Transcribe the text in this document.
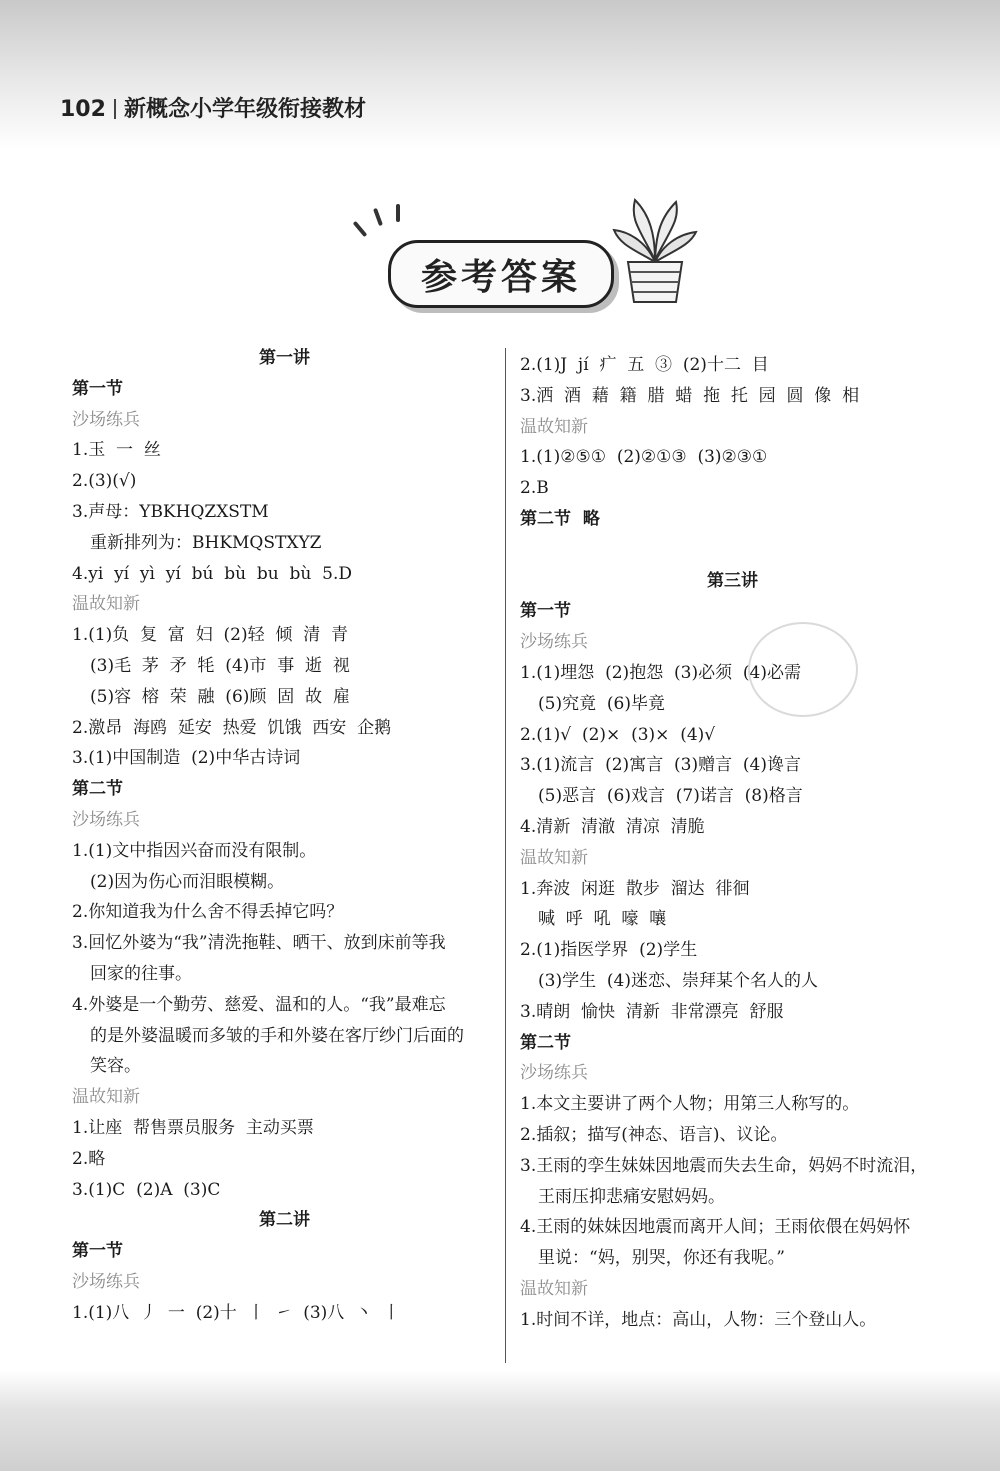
102 新概念小学年级衔接教材
参考答案
第一讲
第一节
沙场练兵
1.玉  一  丝
2.(3)(√)
3.声母：YBKHQZXSTM
重新排列为：BHKMQSTXYZ
4.yi  yí  yì  yí  bú  bù  bu  bù  5.D
温故知新
1.(1)负  复  富  妇  (2)轻  倾  清  青
(3)毛  茅  矛  牦  (4)市  事  逝  视
(5)容  榕  荣  融  (6)顾  固  故  雇
2.激昂  海鸥  延安  热爱  饥饿  西安  企鹅
3.(1)中国制造  (2)中华古诗词
第二节
沙场练兵
1.(1)文中指因兴奋而没有限制。
(2)因为伤心而泪眼模糊。
2.你知道我为什么舍不得丢掉它吗？
3.回忆外婆为“我”清洗拖鞋、晒干、放到床前等我
回家的往事。
4.外婆是一个勤劳、慈爱、温和的人。“我”最难忘
的是外婆温暖而多皱的手和外婆在客厅纱门后面的
笑容。
温故知新
1.让座  帮售票员服务  主动买票
2.略
3.(1)C  (2)A  (3)C
第二讲
第一节
沙场练兵
1.(1)八  丿  一  (2)十  丨  ㇀  (3)八  丶  丨
2.(1)J  jí  疒  五  ③  (2)十二  目
3.洒  酒  藉  籍  腊  蜡  拖  托  园  圆  像  相
温故知新
1.(1)②⑤①  (2)②①③  (3)②③①
2.B
第二节  略
第三讲
第一节
沙场练兵
1.(1)埋怨  (2)抱怨  (3)必须  (4)必需
(5)究竟  (6)毕竟
2.(1)√  (2)×  (3)×  (4)√
3.(1)流言  (2)寓言  (3)赠言  (4)谗言
(5)恶言  (6)戏言  (7)诺言  (8)格言
4.清新  清澈  清凉  清脆
温故知新
1.奔波  闲逛  散步  溜达  徘徊
喊  呼  吼  嚎  嚷
2.(1)指医学界  (2)学生
(3)学生  (4)迷恋、崇拜某个名人的人
3.晴朗  愉快  清新  非常漂亮  舒服
第二节
沙场练兵
1.本文主要讲了两个人物；用第三人称写的。
2.插叙；描写(神态、语言)、议论。
3.王雨的孪生妹妹因地震而失去生命，妈妈不时流泪，
王雨压抑悲痛安慰妈妈。
4.王雨的妹妹因地震而离开人间；王雨依偎在妈妈怀
里说：“妈，别哭，你还有我呢。”
温故知新
1.时间不详，地点：高山，人物：三个登山人。
